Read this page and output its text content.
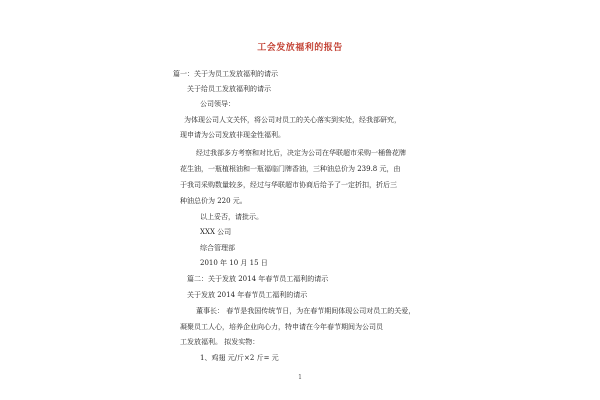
工会发放福利的报告
篇一：关于为员工发放福利的请示
关于给员工发放福利的请示
公司领导：
为体现公司人文关怀，将公司对员工的关心落实到实处，经我部研究，
现申请为公司发放非现金性福利。
经过我部多方考察和对比后，决定为公司在华联超市采购一桶鲁花牌
花生油，一瓶植根油和一瓶福临门牌香油，三种油总价为 239.8 元，由
于我司采购数量较多，经过与华联超市协商后给予了一定折扣，折后三
种油总价为 220 元。
以上妥否，请批示。
XXX 公司
综合管理部
2010 年 10 月 15 日
篇二：关于发放 2014 年春节员工福利的请示
关于发放 2014 年春节员工福利的请示
董事长： 春节是我国传统节日，为在春节期间体现公司对员工的关爱，
凝聚员工人心，培养企业向心力，特申请在今年春节期间为公司员
工发放福利。 拟发实物：
1、鸡翅 元/斤×2 斤= 元
1
